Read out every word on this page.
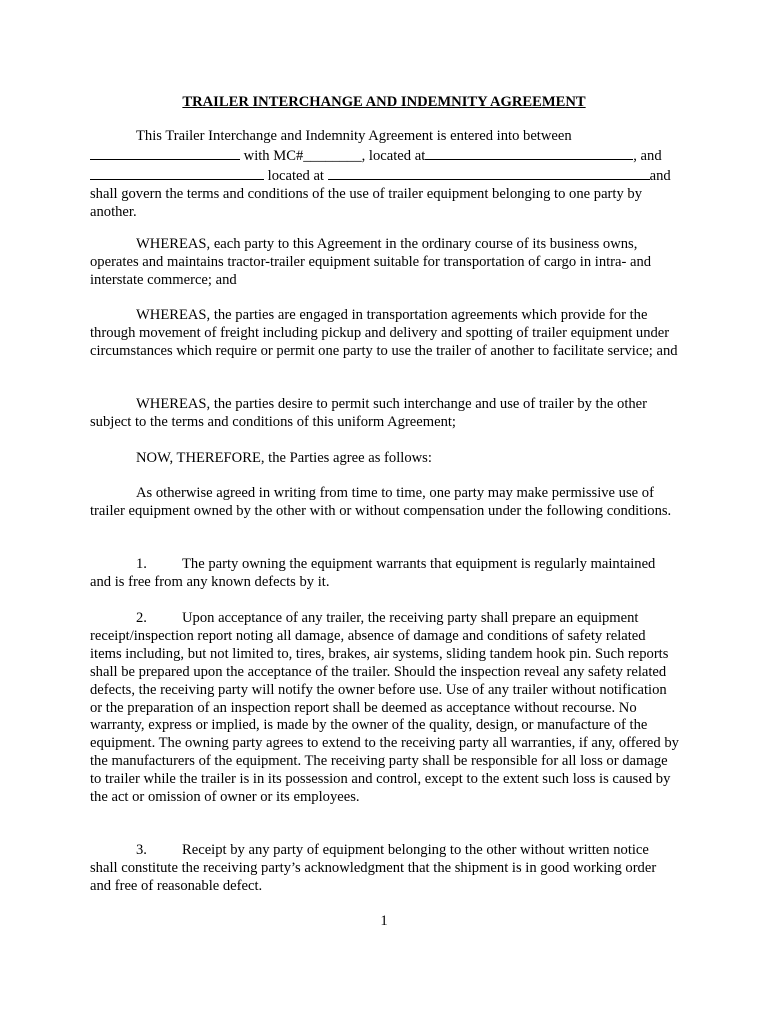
TRAILER INTERCHANGE AND INDEMNITY AGREEMENT
This Trailer Interchange and Indemnity Agreement is entered into between
with MC#________, located at	, and
located at	and
shall govern the terms and conditions of the use of trailer equipment belonging to one party by another.
WHEREAS, each party to this Agreement in the ordinary course of its business owns, operates and maintains tractor-trailer equipment suitable for transportation of cargo in intra- and interstate commerce; and
WHEREAS, the parties are engaged in transportation agreements which provide for the through movement of freight including pickup and delivery and spotting of trailer equipment under circumstances which require or permit one party to use the trailer of another to facilitate service; and
WHEREAS, the parties desire to permit such interchange and use of trailer by the other subject to the terms and conditions of this uniform Agreement;
NOW, THEREFORE, the Parties agree as follows:
As otherwise agreed in writing from time to time, one party may make permissive use of trailer equipment owned by the other with or without compensation under the following conditions.
1. The party owning the equipment warrants that equipment is regularly maintained and is free from any known defects by it.
2. Upon acceptance of any trailer, the receiving party shall prepare an equipment receipt/inspection report noting all damage, absence of damage and conditions of safety related items including, but not limited to, tires, brakes, air systems, sliding tandem hook pin. Such reports shall be prepared upon the acceptance of the trailer. Should the inspection reveal any safety related defects, the receiving party will notify the owner before use. Use of any trailer without notification or the preparation of an inspection report shall be deemed as acceptance without recourse. No warranty, express or implied, is made by the owner of the quality, design, or manufacture of the equipment. The owning party agrees to extend to the receiving party all warranties, if any, offered by the manufacturers of the equipment. The receiving party shall be responsible for all loss or damage to trailer while the trailer is in its possession and control, except to the extent such loss is caused by the act or omission of owner or its employees.
3. Receipt by any party of equipment belonging to the other without written notice shall constitute the receiving party’s acknowledgment that the shipment is in good working order and free of reasonable defect.
1
